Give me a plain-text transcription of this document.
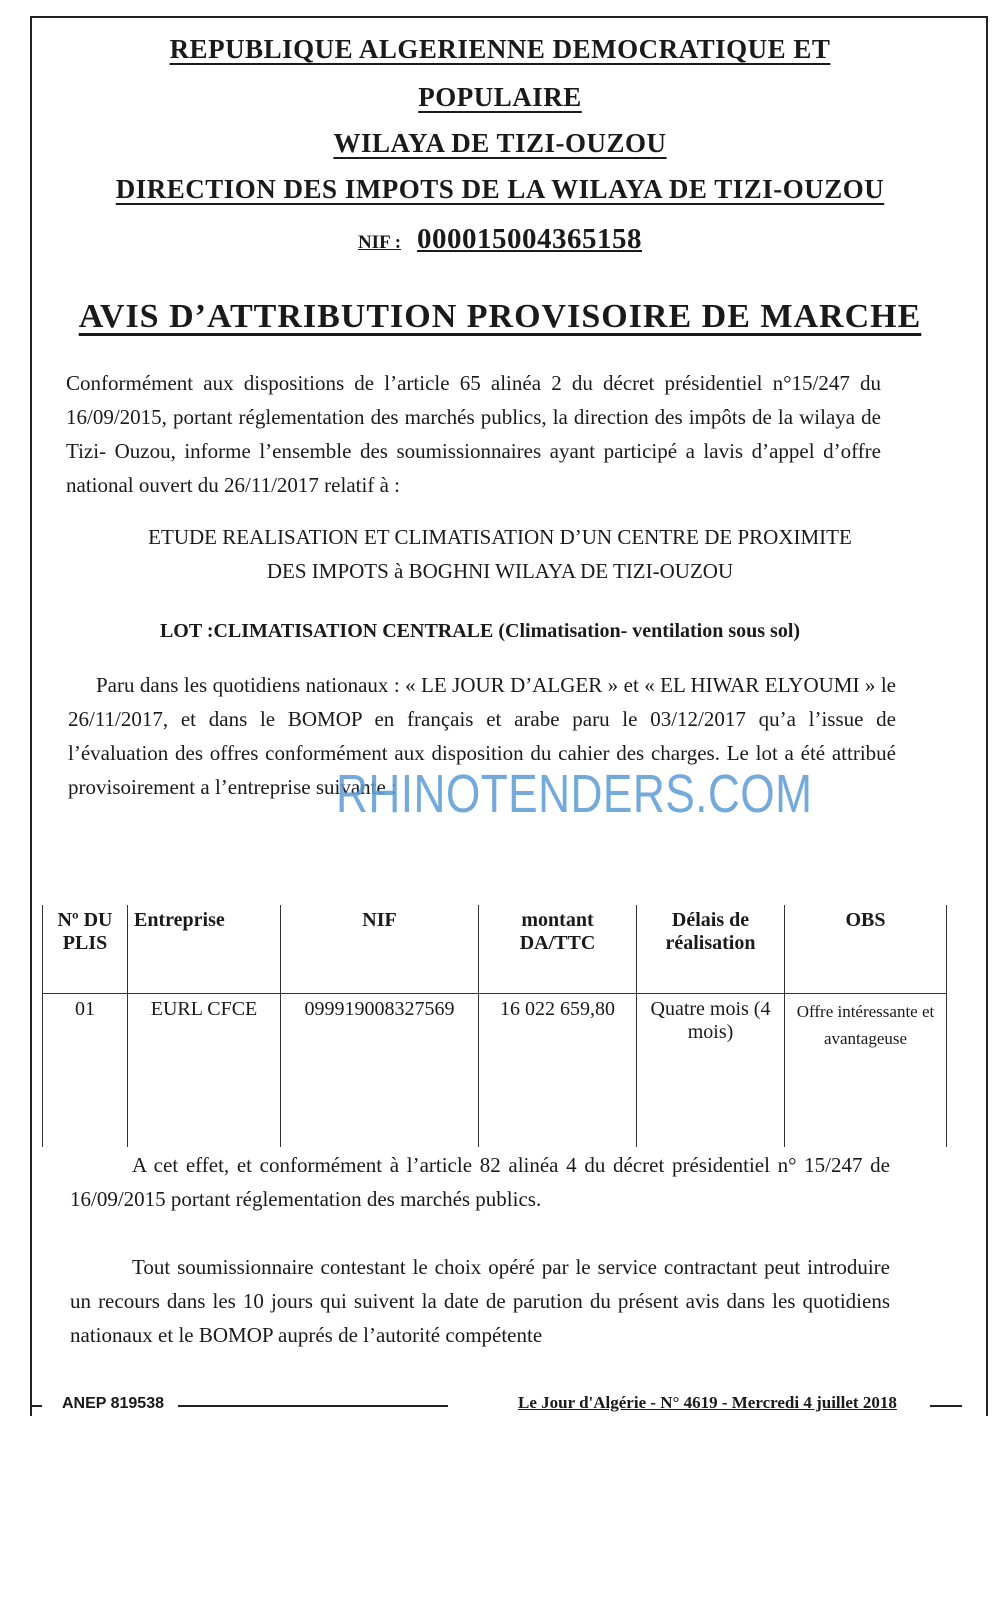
REPUBLIQUE ALGERIENNE DEMOCRATIQUE ET
POPULAIRE
WILAYA DE TIZI-OUZOU
DIRECTION DES IMPOTS DE LA WILAYA DE TIZI-OUZOU
NIF : 000015004365158
AVIS D’ATTRIBUTION PROVISOIRE DE MARCHE
Conformément aux dispositions de l’article 65 alinéa 2 du décret présidentiel n°15/247 du 16/09/2015, portant réglementation des marchés publics, la direction des impôts de la wilaya de Tizi- Ouzou, informe l’ensemble des soumissionnaires ayant participé a lavis d’appel d’offre national ouvert du 26/11/2017 relatif à :
ETUDE REALISATION ET CLIMATISATION D’UN CENTRE DE PROXIMITE
DES IMPOTS à BOGHNI WILAYA DE TIZI-OUZOU
LOT :CLIMATISATION CENTRALE (Climatisation- ventilation sous sol)
Paru dans les quotidiens nationaux : « LE JOUR D’ALGER » et « EL HIWAR ELYOUMI » le 26/11/2017, et dans le BOMOP en français et arabe paru le 03/12/2017 qu’a l’issue de l’évaluation des offres conformément aux disposition du cahier des charges. Le lot a été attribué provisoirement a l’entreprise suivante :
RHINOTENDERS.COM
Nº DU PLIS	Entreprise	NIF	montant DA/TTC	Délais de réalisation	OBS
01	EURL CFCE	099919008327569	16 022 659,80	Quatre mois (4 mois)	Offre intéressante et avantageuse
A cet effet, et conformément à l’article 82 alinéa 4 du décret présidentiel n° 15/247 de 16/09/2015 portant réglementation des marchés publics.
Tout soumissionnaire contestant le choix opéré par le service contractant peut introduire un recours dans les 10 jours qui suivent la date de parution du présent avis dans les quotidiens nationaux et le BOMOP auprés de l’autorité compétente
ANEP 819538	Le Jour d'Algérie - N° 4619 - Mercredi 4 juillet 2018
